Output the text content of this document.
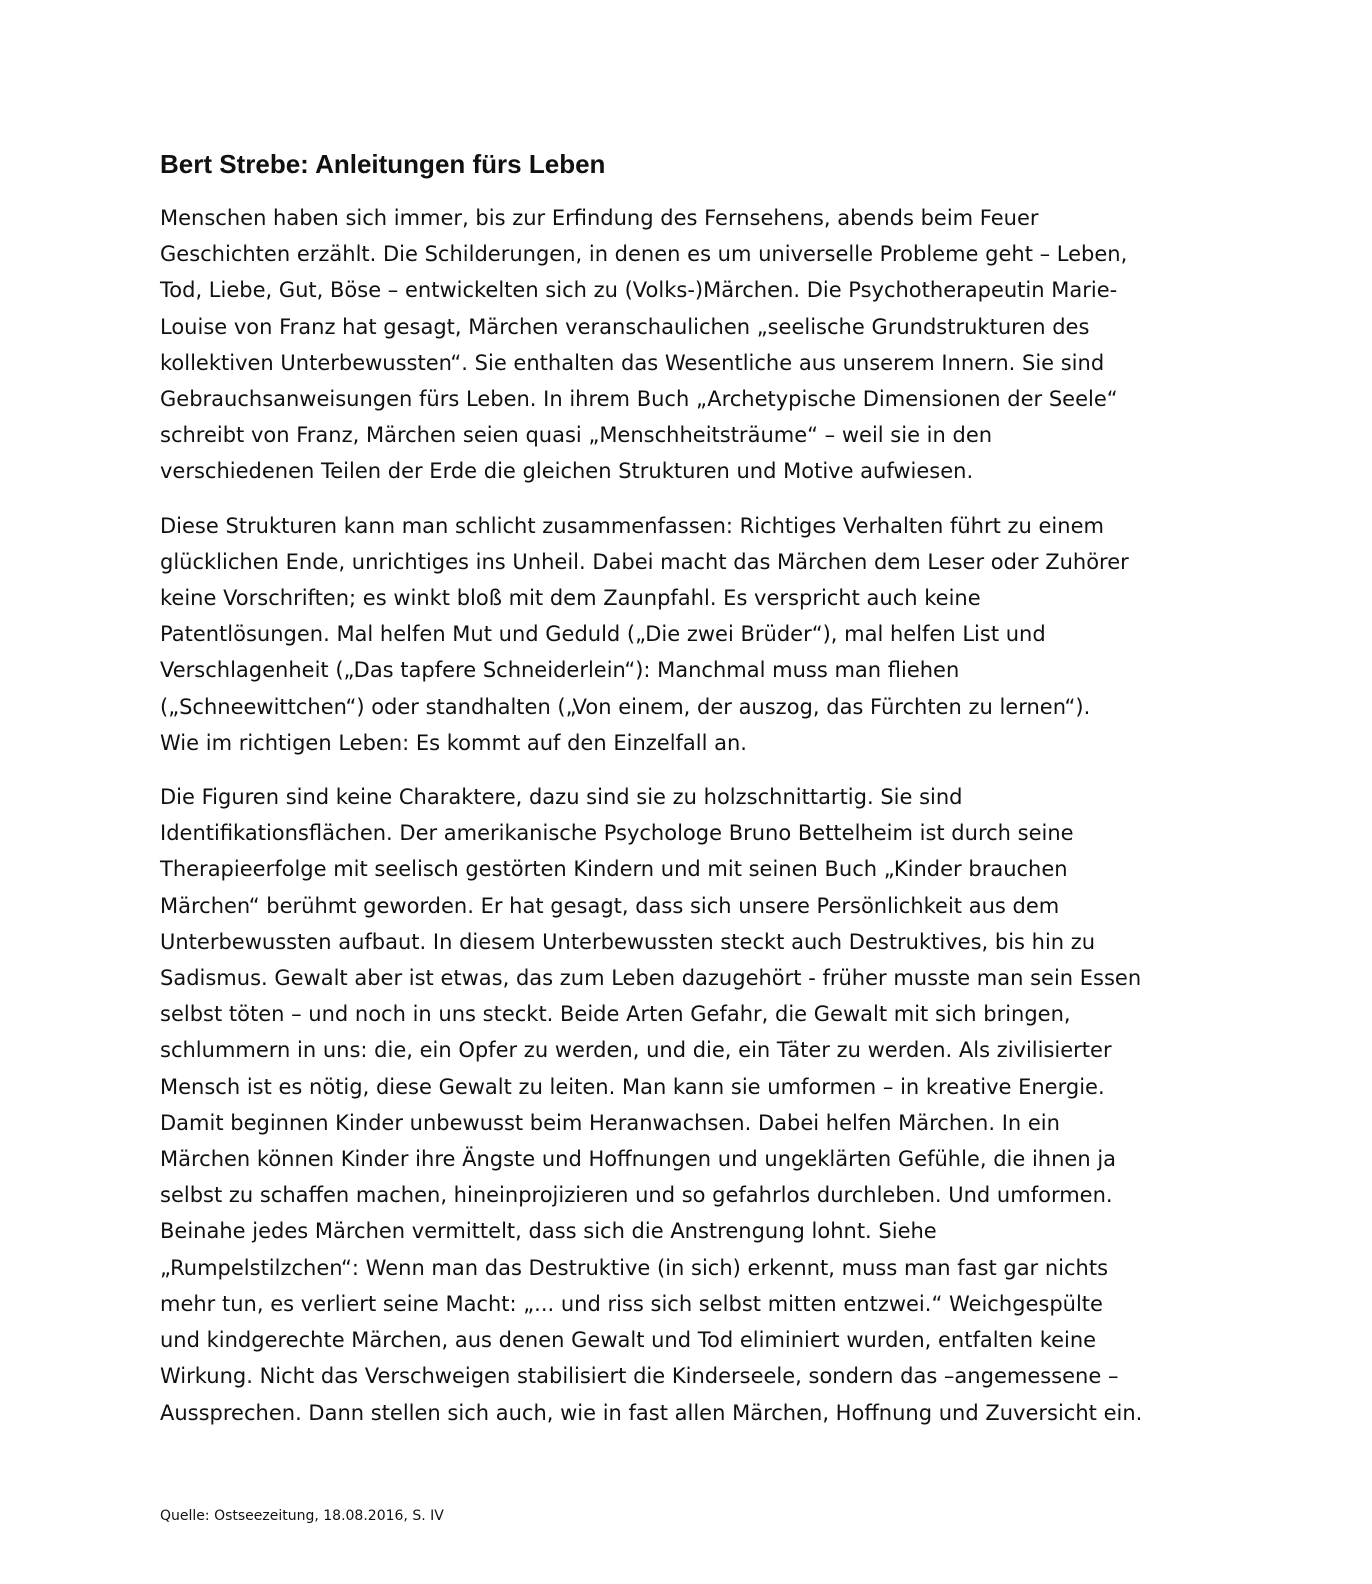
Bert Strebe: Anleitungen fürs Leben

Menschen haben sich immer, bis zur Erfindung des Fernsehens, abends beim Feuer
Geschichten erzählt. Die Schilderungen, in denen es um universelle Probleme geht – Leben,
Tod, Liebe, Gut, Böse – entwickelten sich zu (Volks-)Märchen. Die Psychotherapeutin Marie-
Louise von Franz hat gesagt, Märchen veranschaulichen „seelische Grundstrukturen des
kollektiven Unterbewussten“. Sie enthalten das Wesentliche aus unserem Innern. Sie sind
Gebrauchsanweisungen fürs Leben. In ihrem Buch „Archetypische Dimensionen der Seele“
schreibt von Franz, Märchen seien quasi „Menschheitsträume“ – weil sie in den
verschiedenen Teilen der Erde die gleichen Strukturen und Motive aufwiesen.

Diese Strukturen kann man schlicht zusammenfassen: Richtiges Verhalten führt zu einem
glücklichen Ende, unrichtiges ins Unheil. Dabei macht das Märchen dem Leser oder Zuhörer
keine Vorschriften; es winkt bloß mit dem Zaunpfahl. Es verspricht auch keine
Patentlösungen. Mal helfen Mut und Geduld („Die zwei Brüder“), mal helfen List und
Verschlagenheit („Das tapfere Schneiderlein“): Manchmal muss man fliehen
(„Schneewittchen“) oder standhalten („Von einem, der auszog, das Fürchten zu lernen“).
Wie im richtigen Leben: Es kommt auf den Einzelfall an.

Die Figuren sind keine Charaktere, dazu sind sie zu holzschnittartig. Sie sind
Identifikationsflächen. Der amerikanische Psychologe Bruno Bettelheim ist durch seine
Therapieerfolge mit seelisch gestörten Kindern und mit seinen Buch „Kinder brauchen
Märchen“ berühmt geworden. Er hat gesagt, dass sich unsere Persönlichkeit aus dem
Unterbewussten aufbaut. In diesem Unterbewussten steckt auch Destruktives, bis hin zu
Sadismus. Gewalt aber ist etwas, das zum Leben dazugehört - früher musste man sein Essen
selbst töten – und noch in uns steckt. Beide Arten Gefahr, die Gewalt mit sich bringen,
schlummern in uns: die, ein Opfer zu werden, und die, ein Täter zu werden. Als zivilisierter
Mensch ist es nötig, diese Gewalt zu leiten. Man kann sie umformen – in kreative Energie.
Damit beginnen Kinder unbewusst beim Heranwachsen. Dabei helfen Märchen. In ein
Märchen können Kinder ihre Ängste und Hoffnungen und ungeklärten Gefühle, die ihnen ja
selbst zu schaffen machen, hineinprojizieren und so gefahrlos durchleben. Und umformen.
Beinahe jedes Märchen vermittelt, dass sich die Anstrengung lohnt. Siehe
„Rumpelstilzchen“: Wenn man das Destruktive (in sich) erkennt, muss man fast gar nichts
mehr tun, es verliert seine Macht: „... und riss sich selbst mitten entzwei.“ Weichgespülte
und kindgerechte Märchen, aus denen Gewalt und Tod eliminiert wurden, entfalten keine
Wirkung. Nicht das Verschweigen stabilisiert die Kinderseele, sondern das –angemessene –
Aussprechen. Dann stellen sich auch, wie in fast allen Märchen, Hoffnung und Zuversicht ein.

Quelle: Ostseezeitung, 18.08.2016, S. IV
